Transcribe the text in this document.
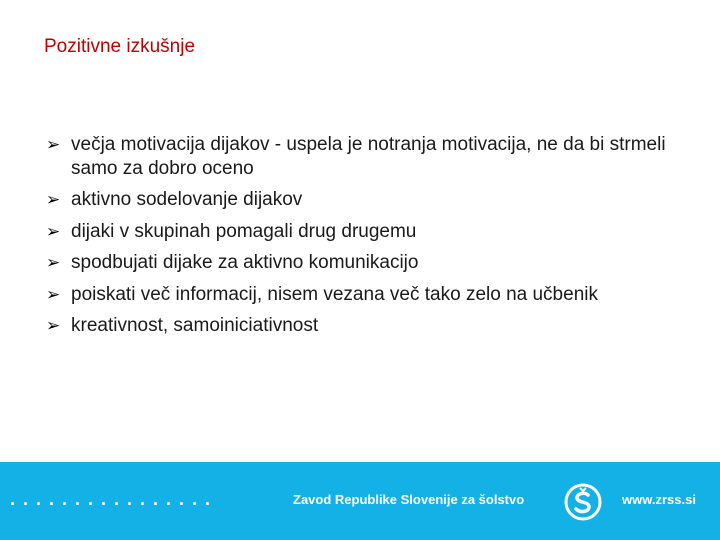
Pozitivne izkušnje
➢ večja motivacija dijakov - uspela je notranja motivacija, ne da bi strmeli samo za dobro oceno
➢ aktivno sodelovanje dijakov
➢ dijaki v skupinah pomagali drug drugemu
➢ spodbujati dijake za aktivno komunikacijo
➢ poiskati več informacij, nisem vezana več tako zelo na učbenik
➢ kreativnost, samoiniciativnost
................	Zavod Republike Slovenije za šolstvo	www.zrss.si
